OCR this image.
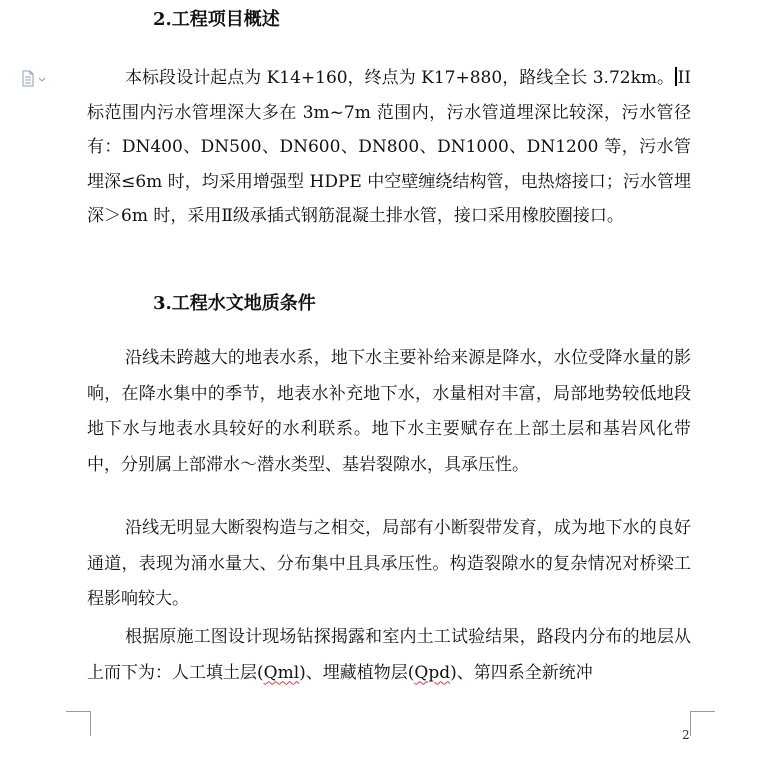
2.工程项目概述

本标段设计起点为 K14+160，终点为 K17+880，路线全长 3.72km。 II 标范围内污水管埋深大多在 3m~7m 范围内，污水管道埋深比较深，污水管径有：DN400、DN500、DN600、DN800、DN1000、DN1200 等，污水管埋深≤6m 时，均采用增强型 HDPE 中空壁缠绕结构管，电热熔接口；污水管埋深＞6m 时，采用Ⅱ级承插式钢筋混凝土排水管，接口采用橡胶圈接口。

3.工程水文地质条件

沿线未跨越大的地表水系，地下水主要补给来源是降水，水位受降水量的影响，在降水集中的季节，地表水补充地下水，水量相对丰富，局部地势较低地段地下水与地表水具较好的水利联系。地下水主要赋存在上部土层和基岩风化带中，分别属上部滞水～潜水类型、基岩裂隙水，具承压性。

沿线无明显大断裂构造与之相交，局部有小断裂带发育，成为地下水的良好通道，表现为涌水量大、分布集中且具承压性。构造裂隙水的复杂情况对桥梁工程影响较大。

根据原施工图设计现场钻探揭露和室内土工试验结果，路段内分布的地层从上而下为：人工填土层(Qml)、埋藏植物层(Qpd)、第四系全新统冲

2
